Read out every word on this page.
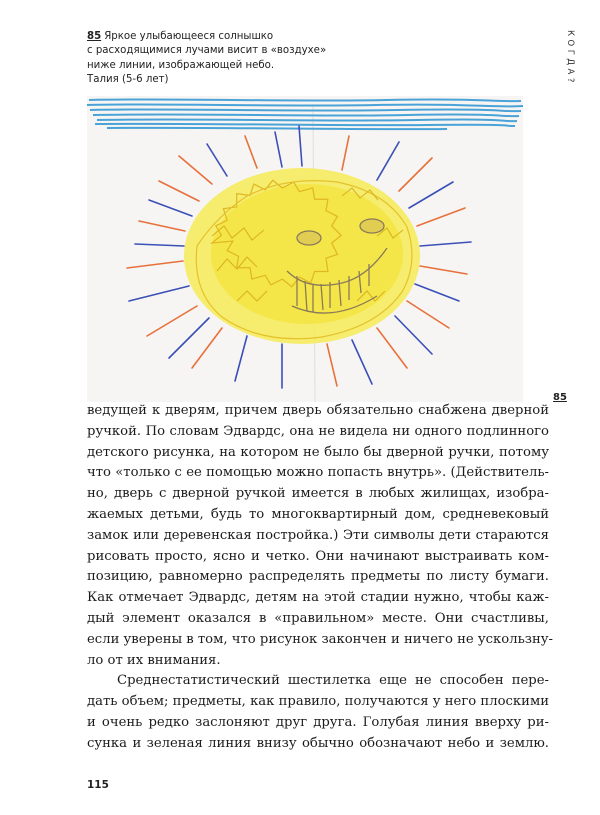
85 Яркое улыбающееся солнышко
с расходящимися лучами висит в «воздухе»
ниже линии, изображающей небо.
Талия (5-6 лет)	КОГДА?
85

ведущей к дверям, причем дверь обязательно снабжена дверной
ручкой. По словам Эдвардс, она не видела ни одного подлинного
детского рисунка, на котором не было бы дверной ручки, потому
что «только с ее помощью можно попасть внутрь». (Действитель-
но, дверь с дверной ручкой имеется в любых жилищах, изобра-
жаемых детьми, будь то многоквартирный дом, средневековый
замок или деревенская постройка.) Эти символы дети стараются
рисовать просто, ясно и четко. Они начинают выстраивать ком-
позицию, равномерно распределять предметы по листу бумаги.
Как отмечает Эдвардс, детям на этой стадии нужно, чтобы каж-
дый элемент оказался в «правильном» месте. Они счастливы,
если уверены в том, что рисунок закончен и ничего не ускользну-
ло от их внимания.

Среднестатистический шестилетка еще не способен пере-
дать объем; предметы, как правило, получаются у него плоскими
и очень редко заслоняют друг друга. Голубая линия вверху ри-
сунка и зеленая линия внизу обычно обозначают небо и землю.

115
